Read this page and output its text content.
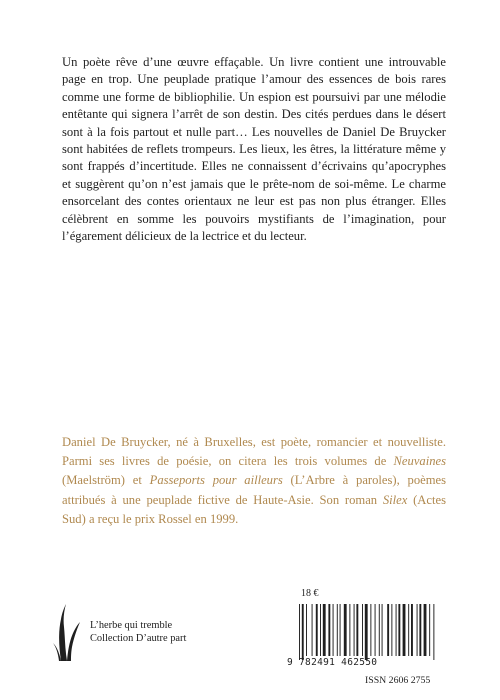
Un poète rêve d’une œuvre effaçable. Un livre contient une introuvable page en trop. Une peuplade pratique l’amour des essences de bois rares comme une forme de bibliophilie. Un espion est poursuivi par une mélodie entêtante qui signera l’arrêt de son destin. Des cités perdues dans le désert sont à la fois partout et nulle part… Les nouvelles de Daniel De Bruycker sont habitées de reflets trompeurs. Les lieux, les êtres, la littérature même y sont frappés d’incertitude. Elles ne connaissent d’écrivains qu’apocryphes et suggèrent qu’on n’est jamais que le prête-nom de soi-même. Le charme ensorcelant des contes orientaux ne leur est pas non plus étranger. Elles célèbrent en somme les pouvoirs mystifiants de l’imagination, pour l’égarement délicieux de la lectrice et du lecteur.

Daniel De Bruycker, né à Bruxelles, est poète, romancier et nouvelliste. Parmi ses livres de poésie, on citera les trois volumes de Neuvaines (Maelström) et Passeports pour ailleurs (L’Arbre à paroles), poèmes attribués à une peuplade fictive de Haute-Asie. Son roman Silex (Actes Sud) a reçu le prix Rossel en 1999.

L’herbe qui tremble
Collection D’autre part
18 €
9 782491 462550
ISSN 2606 2755
